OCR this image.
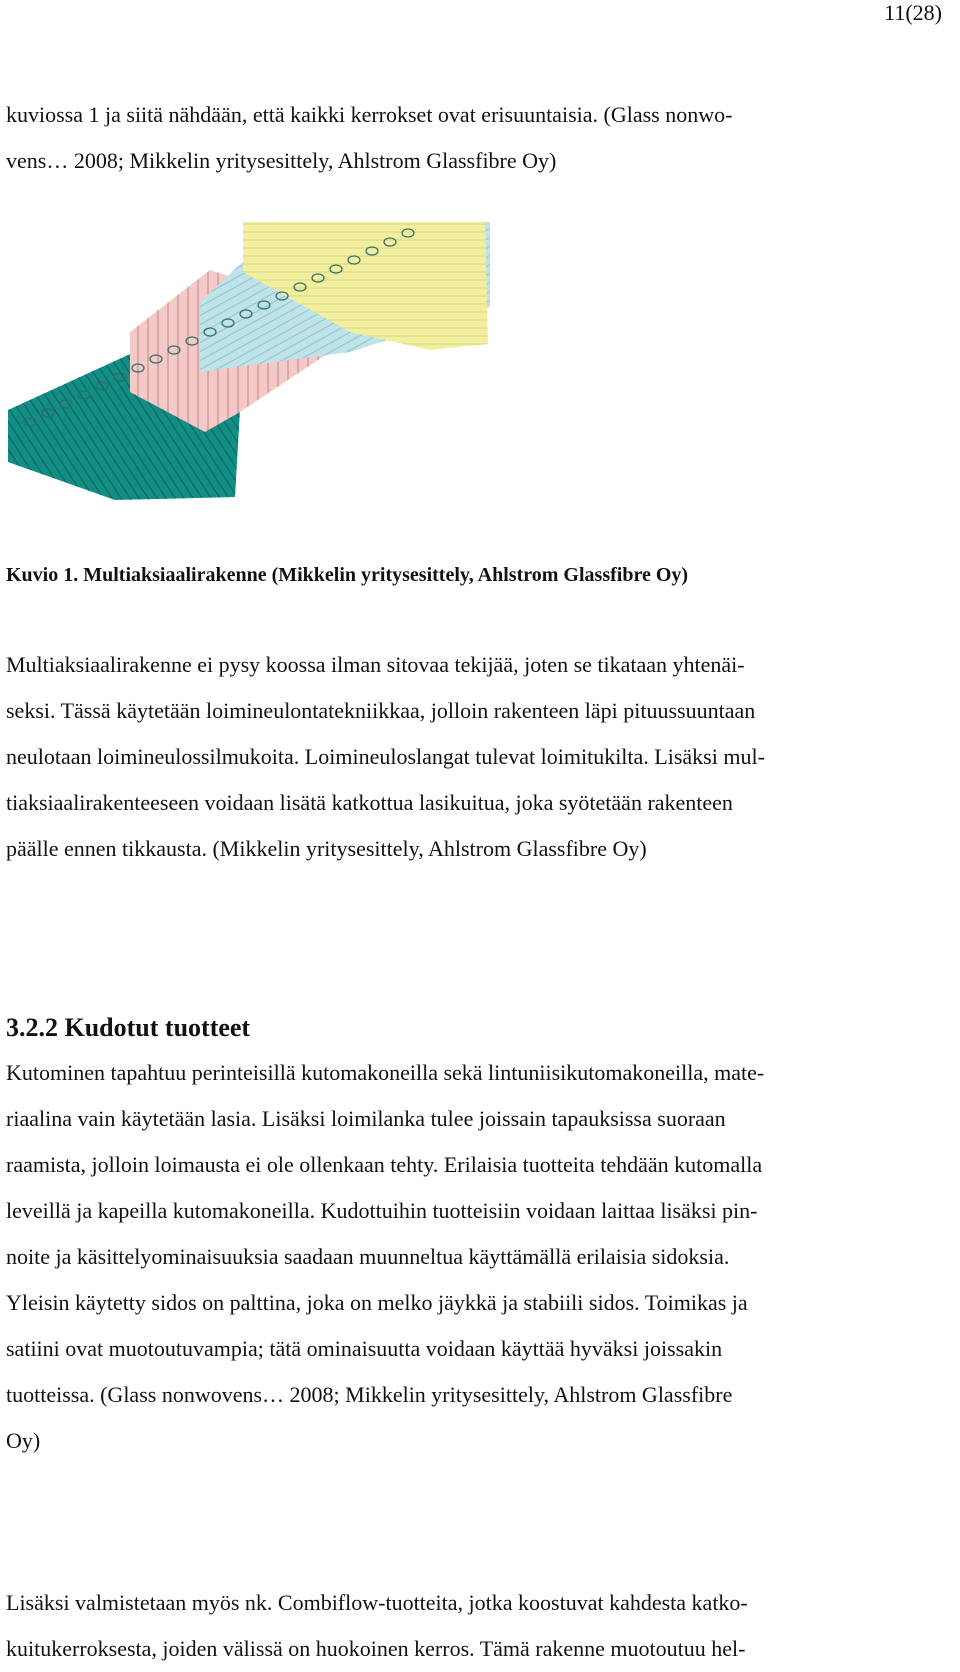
11(28)
kuviossa 1 ja siitä nähdään, että kaikki kerrokset ovat erisuuntaisia. (Glass nonwo-
vens… 2008; Mikkelin yritysesittely, Ahlstrom Glassfibre Oy)
Kuvio 1. Multiaksiaalirakenne (Mikkelin yritysesittely, Ahlstrom Glassfibre Oy)
Multiaksiaalirakenne ei pysy koossa ilman sitovaa tekijää, joten se tikataan yhtenäi-
seksi. Tässä käytetään loimineulontatekniikkaa, jolloin rakenteen läpi pituussuuntaan
neulotaan loimineulossilmukoita. Loimineuloslangat tulevat loimitukilta. Lisäksi mul-
tiaksiaalirakenteeseen voidaan lisätä katkottua lasikuitua, joka syötetään rakenteen
päälle ennen tikkausta. (Mikkelin yritysesittely, Ahlstrom Glassfibre Oy)
3.2.2 Kudotut tuotteet
Kutominen tapahtuu perinteisillä kutomakoneilla sekä lintuniisikutomakoneilla, mate-
riaalina vain käytetään lasia. Lisäksi loimilanka tulee joissain tapauksissa suoraan
raamista, jolloin loimausta ei ole ollenkaan tehty. Erilaisia tuotteita tehdään kutomalla
leveillä ja kapeilla kutomakoneilla. Kudottuihin tuotteisiin voidaan laittaa lisäksi pin-
noite ja käsittelyominaisuuksia saadaan muunneltua käyttämällä erilaisia sidoksia.
Yleisin käytetty sidos on palttina, joka on melko jäykkä ja stabiili sidos. Toimikas ja
satiini ovat muotoutuvampia; tätä ominaisuutta voidaan käyttää hyväksi joissakin
tuotteissa. (Glass nonwovens… 2008; Mikkelin yritysesittely, Ahlstrom Glassfibre
Oy)
Lisäksi valmistetaan myös nk. Combiflow-tuotteita, jotka koostuvat kahdesta katko-
kuitukerroksesta, joiden välissä on huokoinen kerros. Tämä rakenne muotoutuu hel-
